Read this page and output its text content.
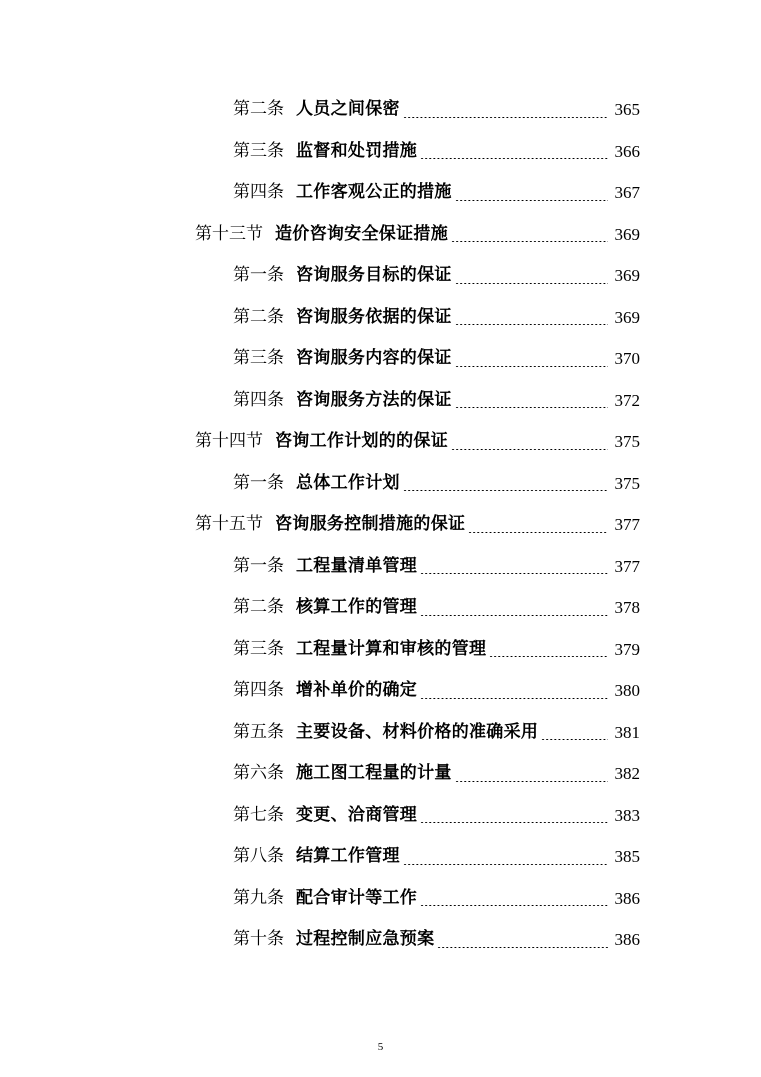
第二条 人员之间保密	365
第三条 监督和处罚措施	366
第四条 工作客观公正的措施	367
第十三节 造价咨询安全保证措施	369
第一条 咨询服务目标的保证	369
第二条 咨询服务依据的保证	369
第三条 咨询服务内容的保证	370
第四条 咨询服务方法的保证	372
第十四节 咨询工作计划的的保证	375
第一条 总体工作计划	375
第十五节 咨询服务控制措施的保证	377
第一条 工程量清单管理	377
第二条 核算工作的管理	378
第三条 工程量计算和审核的管理	379
第四条 增补单价的确定	380
第五条 主要设备、材料价格的准确采用	381
第六条 施工图工程量的计量	382
第七条 变更、洽商管理	383
第八条 结算工作管理	385
第九条 配合审计等工作	386
第十条 过程控制应急预案	386
5
